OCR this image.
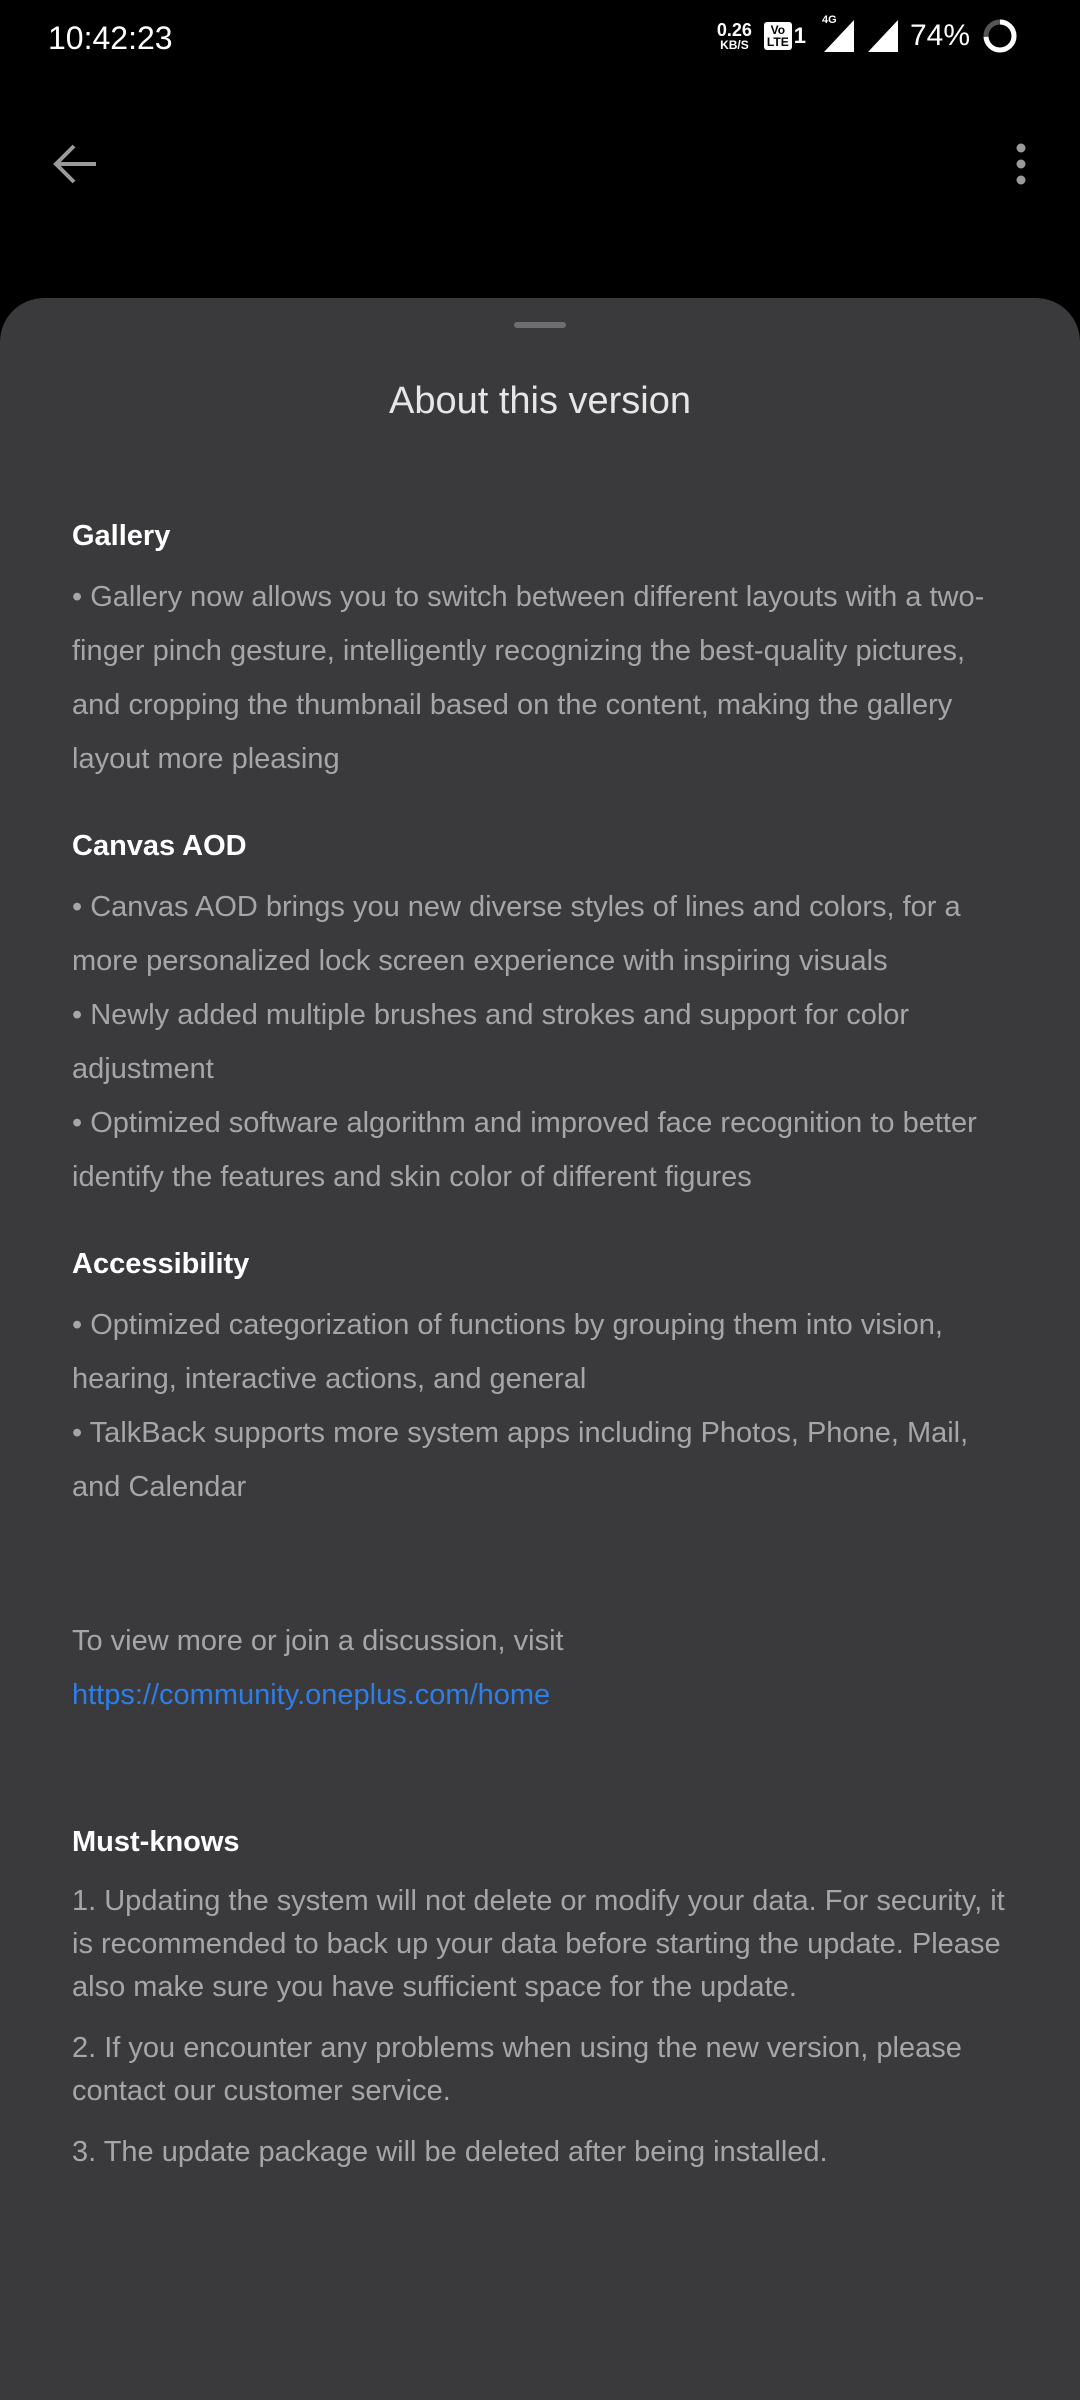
10:42:23	0.26
KB/S
Vo
LTE 1
4G 74%
About this version
Gallery

• Gallery now allows you to switch between different layouts with a two-finger pinch gesture, intelligently recognizing the best-quality pictures, and cropping the thumbnail based on the content, making the gallery layout more pleasing

Canvas AOD

• Canvas AOD brings you new diverse styles of lines and colors, for a more personalized lock screen experience with inspiring visuals

• Newly added multiple brushes and strokes and support for color adjustment

• Optimized software algorithm and improved face recognition to better identify the features and skin color of different figures

Accessibility

• Optimized categorization of functions by grouping them into vision, hearing, interactive actions, and general

• TalkBack supports more system apps including Photos, Phone, Mail, and Calendar

To view more or join a discussion, visit
https://community.oneplus.com/home
Must-knows

1. Updating the system will not delete or modify your data. For security, it is recommended to back up your data before starting the update. Please also make sure you have sufficient space for the update.

2. If you encounter any problems when using the new version, please contact our customer service.

3. The update package will be deleted after being installed.
